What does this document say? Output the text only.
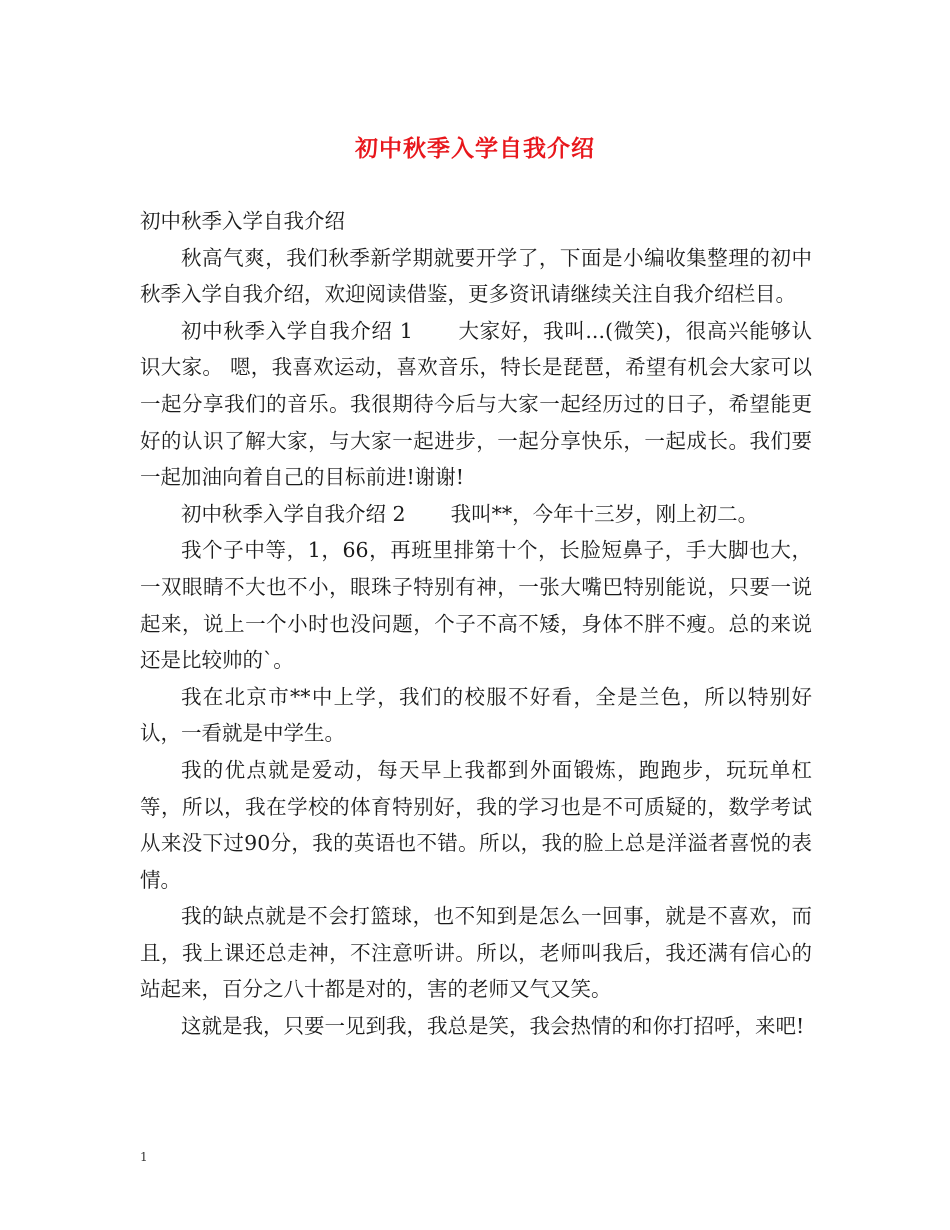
初中秋季入学自我介绍

初中秋季入学自我介绍

秋高气爽，我们秋季新学期就要开学了，下面是小编收集整理的初中秋季入学自我介绍，欢迎阅读借鉴，更多资讯请继续关注自我介绍栏目。

初中秋季入学自我介绍 1 大家好，我叫...(微笑)，很高兴能够认识大家。 嗯，我喜欢运动，喜欢音乐，特长是琵琶，希望有机会大家可以一起分享我们的音乐。我很期待今后与大家一起经历过的日子，希望能更好的认识了解大家，与大家一起进步，一起分享快乐，一起成长。我们要一起加油向着自己的目标前进!谢谢!

初中秋季入学自我介绍 2 我叫**，今年十三岁，刚上初二。

我个子中等，1，66，再班里排第十个，长脸短鼻子，手大脚也大，一双眼睛不大也不小，眼珠子特别有神，一张大嘴巴特别能说，只要一说起来，说上一个小时也没问题，个子不高不矮，身体不胖不瘦。总的来说还是比较帅的`。

我在北京市**中上学，我们的校服不好看，全是兰色，所以特别好认，一看就是中学生。

我的优点就是爱动，每天早上我都到外面锻炼，跑跑步，玩玩单杠等，所以，我在学校的体育特别好，我的学习也是不可质疑的，数学考试从来没下过90分，我的英语也不错。所以，我的脸上总是洋溢者喜悦的表情。

我的缺点就是不会打篮球，也不知到是怎么一回事，就是不喜欢，而且，我上课还总走神，不注意听讲。所以，老师叫我后，我还满有信心的站起来，百分之八十都是对的，害的老师又气又笑。

这就是我，只要一见到我，我总是笑，我会热情的和你打招呼，来吧!

1
